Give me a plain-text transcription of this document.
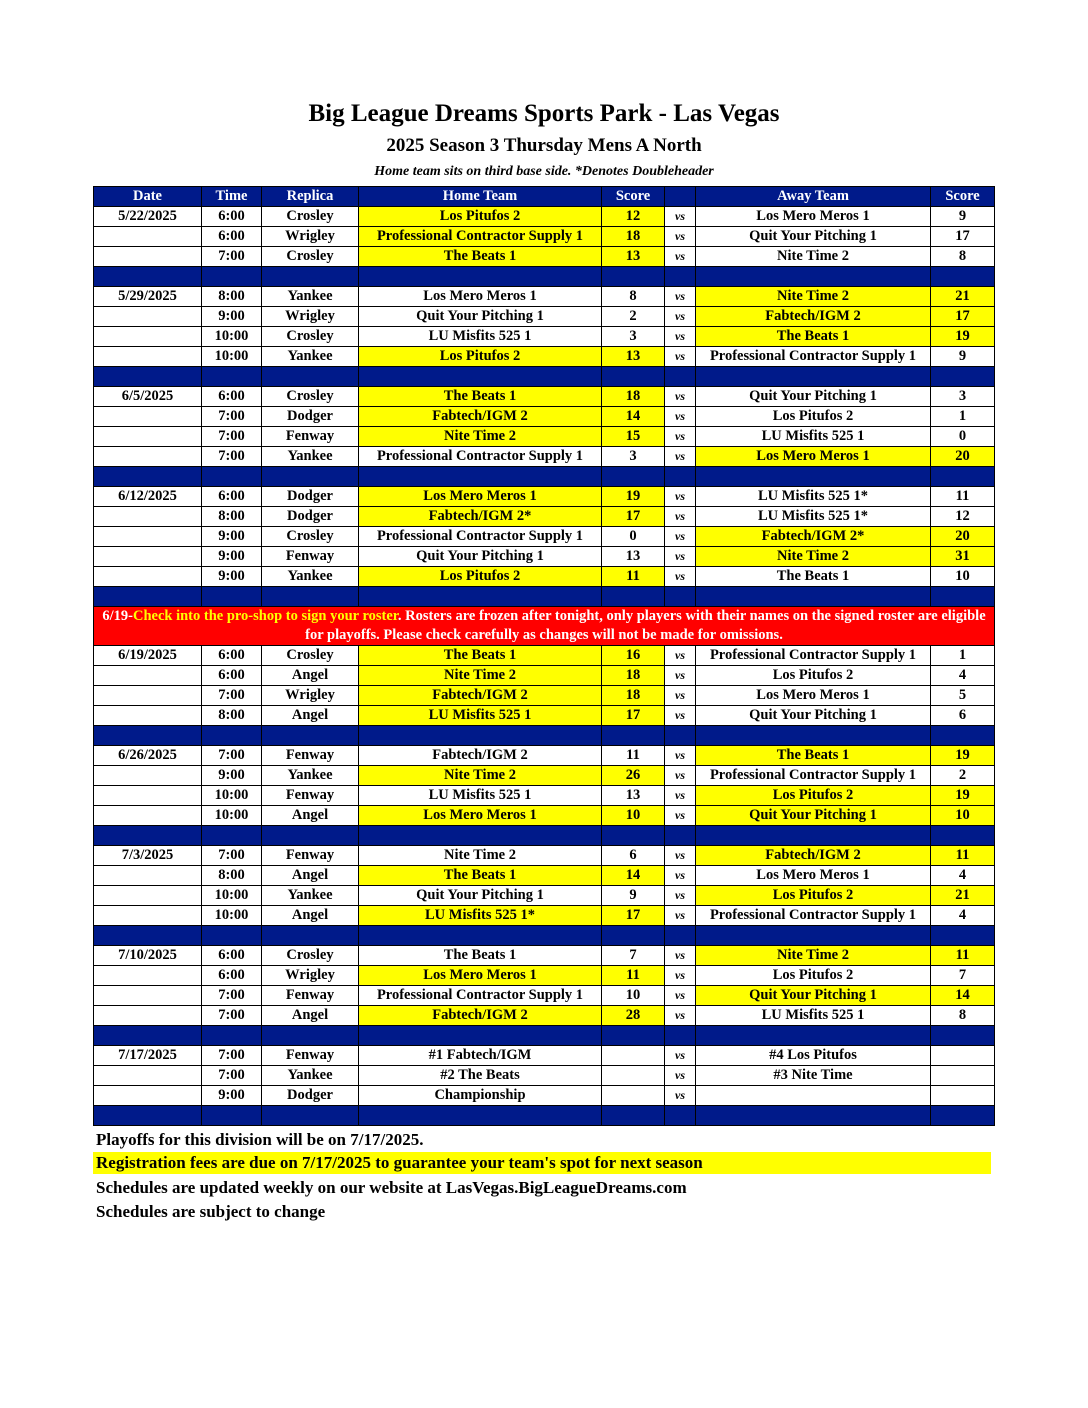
Big League Dreams Sports Park - Las Vegas
2025 Season 3 Thursday Mens A North
Home team sits on third base side. *Denotes Doubleheader
Date	Time	Replica	Home Team	Score		Away Team	Score
5/22/2025	6:00	Crosley	Los Pitufos 2	12	vs	Los Mero Meros 1	9
	6:00	Wrigley	Professional Contractor Supply 1	18	vs	Quit Your Pitching 1	17
	7:00	Crosley	The Beats 1	13	vs	Nite Time 2	8

5/29/2025	8:00	Yankee	Los Mero Meros 1	8	vs	Nite Time 2	21
	9:00	Wrigley	Quit Your Pitching 1	2	vs	Fabtech/IGM 2	17
	10:00	Crosley	LU Misfits 525 1	3	vs	The Beats 1	19
	10:00	Yankee	Los Pitufos 2	13	vs	Professional Contractor Supply 1	9

6/5/2025	6:00	Crosley	The Beats 1	18	vs	Quit Your Pitching 1	3
	7:00	Dodger	Fabtech/IGM 2	14	vs	Los Pitufos 2	1
	7:00	Fenway	Nite Time 2	15	vs	LU Misfits 525 1	0
	7:00	Yankee	Professional Contractor Supply 1	3	vs	Los Mero Meros 1	20

6/12/2025	6:00	Dodger	Los Mero Meros 1	19	vs	LU Misfits 525 1*	11
	8:00	Dodger	Fabtech/IGM 2*	17	vs	LU Misfits 525 1*	12
	9:00	Crosley	Professional Contractor Supply 1	0	vs	Fabtech/IGM 2*	20
	9:00	Fenway	Quit Your Pitching 1	13	vs	Nite Time 2	31
	9:00	Yankee	Los Pitufos 2	11	vs	The Beats 1	10

6/19-Check into the pro-shop to sign your roster. Rosters are frozen after tonight, only players with their names on the signed roster are eligible for playoffs. Please check carefully as changes will not be made for omissions.							
6/19/2025	6:00	Crosley	The Beats 1	16	vs	Professional Contractor Supply 1	1
	6:00	Angel	Nite Time 2	18	vs	Los Pitufos 2	4
	7:00	Wrigley	Fabtech/IGM 2	18	vs	Los Mero Meros 1	5
	8:00	Angel	LU Misfits 525 1	17	vs	Quit Your Pitching 1	6

6/26/2025	7:00	Fenway	Fabtech/IGM 2	11	vs	The Beats 1	19
	9:00	Yankee	Nite Time 2	26	vs	Professional Contractor Supply 1	2
	10:00	Fenway	LU Misfits 525 1	13	vs	Los Pitufos 2	19
	10:00	Angel	Los Mero Meros 1	10	vs	Quit Your Pitching 1	10

7/3/2025	7:00	Fenway	Nite Time 2	6	vs	Fabtech/IGM 2	11
	8:00	Angel	The Beats 1	14	vs	Los Mero Meros 1	4
	10:00	Yankee	Quit Your Pitching 1	9	vs	Los Pitufos 2	21
	10:00	Angel	LU Misfits 525 1*	17	vs	Professional Contractor Supply 1	4

7/10/2025	6:00	Crosley	The Beats 1	7	vs	Nite Time 2	11
	6:00	Wrigley	Los Mero Meros 1	11	vs	Los Pitufos 2	7
	7:00	Fenway	Professional Contractor Supply 1	10	vs	Quit Your Pitching 1	14
	7:00	Angel	Fabtech/IGM 2	28	vs	LU Misfits 525 1	8

7/17/2025	7:00	Fenway	#1 Fabtech/IGM		vs	#4 Los Pitufos	
	7:00	Yankee	#2 The Beats		vs	#3 Nite Time	
	9:00	Dodger	Championship		vs		

Playoffs for this division will be on 7/17/2025.
Registration fees are due on 7/17/2025 to guarantee your team's spot for next season
Schedules are updated weekly on our website at LasVegas.BigLeagueDreams.com
Schedules are subject to change
